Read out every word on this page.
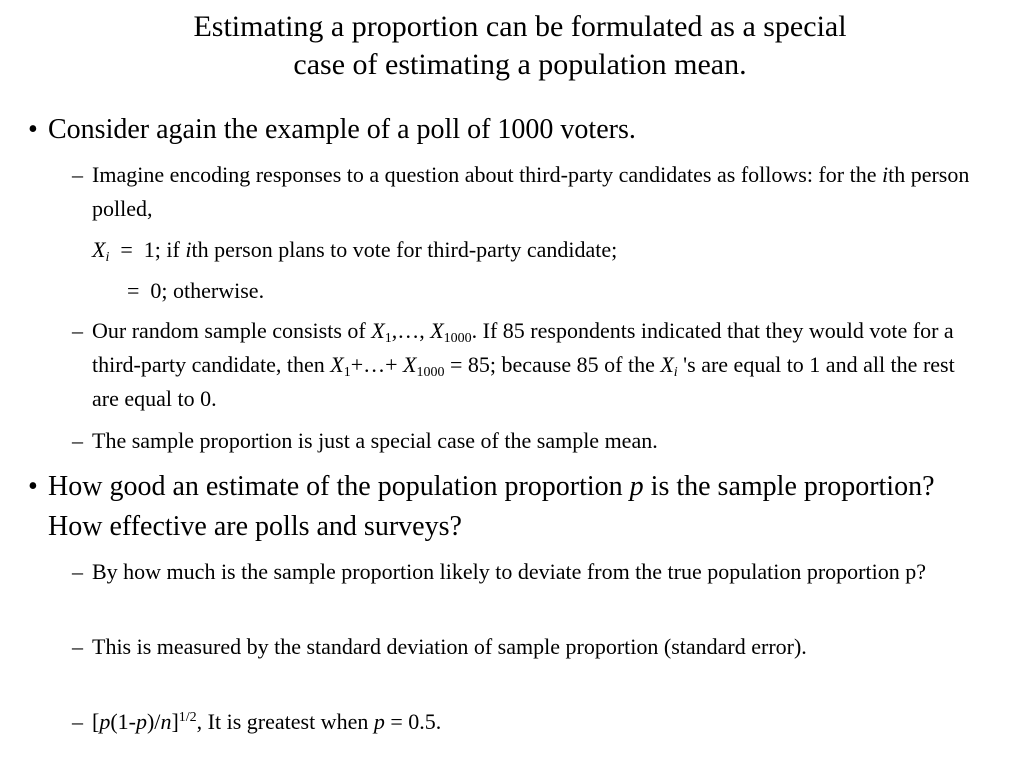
Estimating a proportion can be formulated as a special
case of estimating a population mean.
• Consider again the example of a poll of 1000 voters.
– Imagine encoding responses to a question about third-party candidates as follows: for the ith person polled,
$X_i = 1$; if ith person plans to vote for third-party candidate;
= 0; otherwise.
– Our random sample consists of $X_1,\dots$, $X_{1000}$. If 85 respondents indicated that they would vote for a third-party candidate, then $X_1+\dots+ X_{1000} = 85$; because 85 of the $X_i$ 's are equal to 1 and all the rest are equal to 0.
– The sample proportion is just a special case of the sample mean.
• How good an estimate of the population proportion p is the sample proportion? How effective are polls and surveys?
– By how much is the sample proportion likely to deviate from the true population proportion p?
– This is measured by the standard deviation of sample proportion (standard error).
– $[p(1-p)/n]^{1/2}$, It is greatest when p = 0.5.
